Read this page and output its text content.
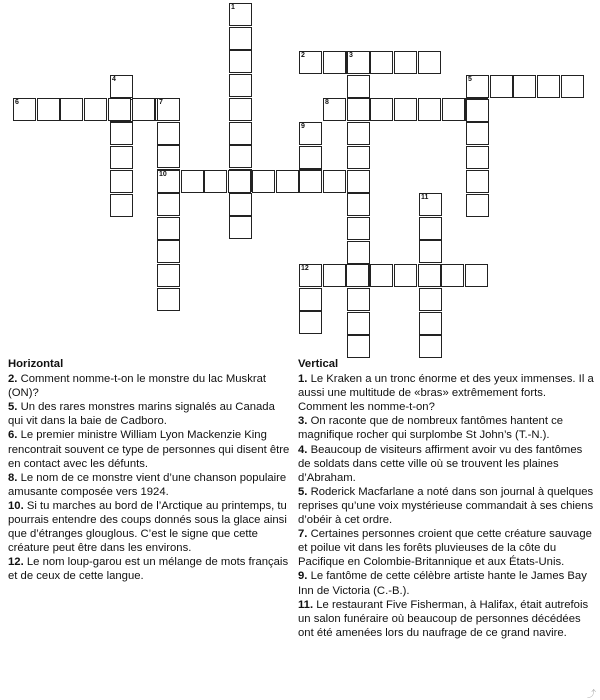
1
2	3
4	5
6	7	8
9
10
11
12
Horizontal

2. Comment nomme-t-on le monstre du lac Muskrat (ON)?

5. Un des rares monstres marins signalés au Canada qui vit dans la baie de Cadboro.

6. Le premier ministre William Lyon Mackenzie King rencontrait souvent ce type de personnes qui disent être en contact avec les défunts.

8. Le nom de ce monstre vient d’une chanson populaire amusante composée vers 1924.

10. Si tu marches au bord de l’Arctique au printemps, tu pourrais entendre des coups donnés sous la glace ainsi que d’étranges glouglous. C’est le signe que cette créature peut être dans les environs.

12. Le nom loup-garou est un mélange de mots français et de ceux de cette langue.

Vertical

1. Le Kraken a un tronc énorme et des yeux immenses. Il a aussi une multitude de «bras» extrêmement forts. Comment les nomme-t-on?

3. On raconte que de nombreux fantômes hantent ce magnifique rocher qui surplombe St John’s (T.-N.).

4. Beaucoup de visiteurs affirment avoir vu des fantômes de soldats dans cette ville où se trouvent les plaines d’Abraham.

5. Roderick Macfarlane a noté dans son journal à quelques reprises qu’une voix mystérieuse commandait à ses chiens d’obéir à cet ordre.

7. Certaines personnes croient que cette créature sauvage et poilue vit dans les forêts pluvieuses de la côte du Pacifique en Colombie-Britannique et aux États-Unis.

9. Le fantôme de cette célèbre artiste hante le James Bay Inn de Victoria (C.-B.).

11. Le restaurant Five Fisherman, à Halifax, était autrefois un salon funéraire où beaucoup de personnes décédées ont été amenées lors du naufrage de ce grand navire.

⤴
